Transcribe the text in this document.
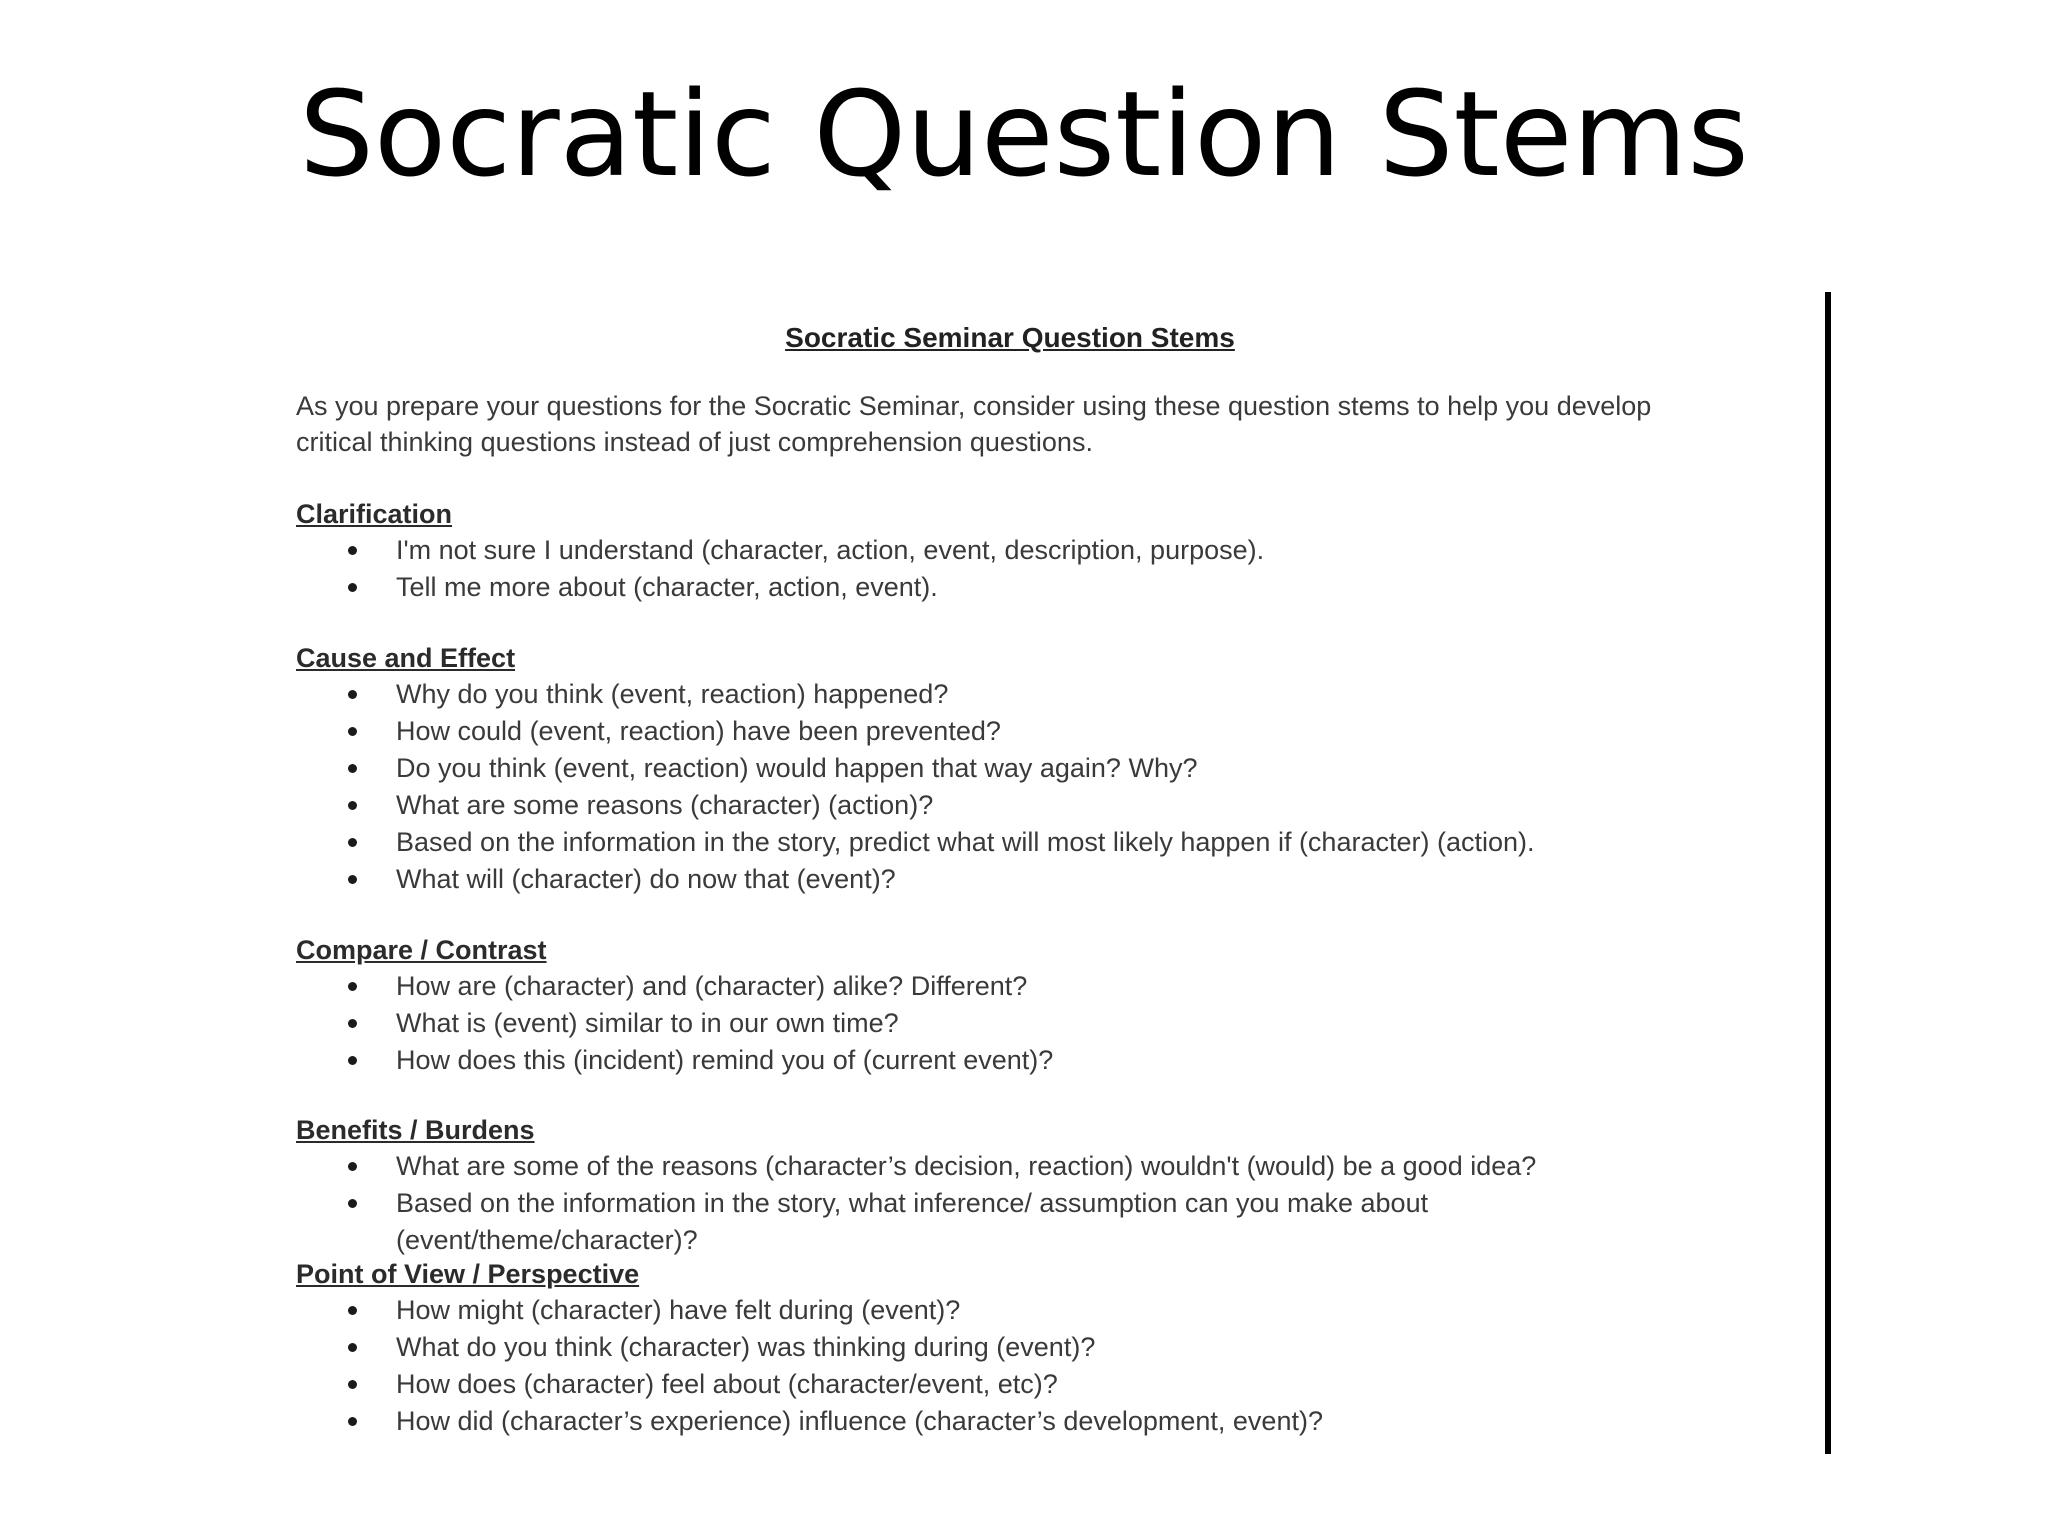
Socratic Question Stems
Socratic Seminar Question Stems

As you prepare your questions for the Socratic Seminar, consider using these question stems to help you develop critical thinking questions instead of just comprehension questions.

Clarification

I'm not sure I understand (character, action, event, description, purpose).
Tell me more about (character, action, event).

Cause and Effect

Why do you think (event, reaction) happened?
How could (event, reaction) have been prevented?
Do you think (event, reaction) would happen that way again? Why?
What are some reasons (character) (action)?
Based on the information in the story, predict what will most likely happen if (character) (action).
What will (character) do now that (event)?

Compare / Contrast

How are (character) and (character) alike? Different?
What is (event) similar to in our own time?
How does this (incident) remind you of (current event)?

Benefits / Burdens

What are some of the reasons (character’s decision, reaction) wouldn't (would) be a good idea?
Based on the information in the story, what inference/ assumption can you make about (event/theme/character)?

Point of View / Perspective

How might (character) have felt during (event)?
What do you think (character) was thinking during (event)?
How does (character) feel about (character/event, etc)?
How did (character’s experience) influence (character’s development, event)?
